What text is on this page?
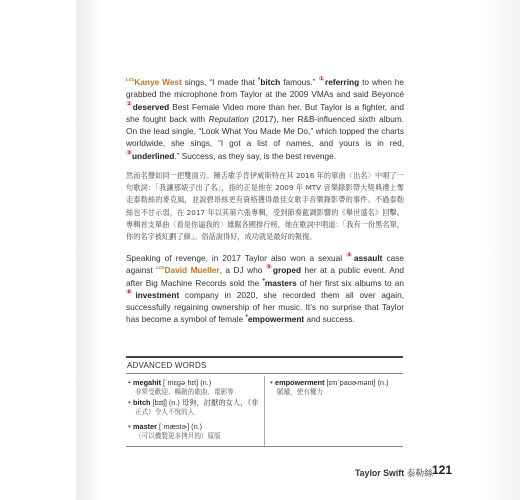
$^{L01}$Kanye West sings, “I made that •bitch famous.” ①referring to when he grabbed the microphone from Taylor at the 2009 VMAs and said Beyoncé ②deserved Best Female Video more than her. But Taylor is a fighter, and she fought back with Reputation (2017), her R&B-influenced sixth album. On the lead single, “Look What You Made Me Do,” which topped the charts worldwide, she sings, “I got a list of names, and yours is in red, ③underlined.” Success, as they say, is the best revenge.

然而名聲如同一把雙面刃。饒舌歌手肯伊威斯特在其 2016 年的單曲〈出名〉中唱了一句歌詞：「我讓那婊子出了名」，指的正是他在 2009 年 MTV 音樂錄影帶大獎典禮上奪走泰勒絲的麥克風，並說碧昂絲更有資格獲得最佳女歌手音樂錄影帶的事件。不過泰勒絲也不甘示弱，在 2017 年以其第六張專輯，受到節奏藍調影響的《舉世盛名》回擊。專輯首支單曲〈看是你逼我的〉雄踞各國排行榜，她在歌詞中唱道：「我有一份黑名單，你的名字被紅劃了線」。俗話說得好，成功就是最好的報復。

Speaking of revenge, in 2017 Taylor also won a sexual ④assault case against $^{L02}$David Mueller, a DJ who ⑤groped her at a public event. And after Big Machine Records sold the •masters of her first six albums to an ⑥investment company in 2020, she recorded them all over again, successfully regaining ownership of her music. It’s no surprise that Taylor has become a symbol of female •empowerment and success.

ADVANCED WORDS
• megahit [ˈmɛɡəˌhɪt] (n.)
非常受歡迎、暢銷的歌曲、電影等
• bitch [bɪtʃ] (n.) 母狗，討厭的女人，（非
正式）令人不悅的人
• master [ˈmæstɚ] (n.)
（可以機製更多拷貝的）原版
• empowerment [ɪmˈpaʊɚmənt] (n.)
賦權，使有權力
Taylor Swift 泰勒絲
121
